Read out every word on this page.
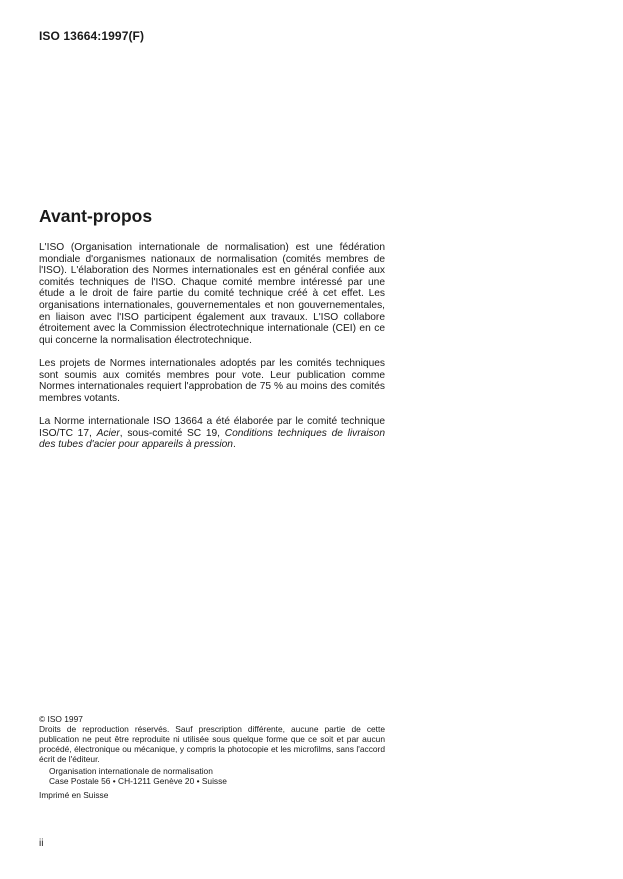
ISO 13664:1997(F)
Avant-propos

L'ISO (Organisation internationale de normalisation) est une fédération mondiale d'organismes nationaux de normalisation (comités membres de l'ISO). L'élaboration des Normes internationales est en général confiée aux comités techniques de l'ISO. Chaque comité membre intéressé par une étude a le droit de faire partie du comité technique créé à cet effet. Les organisations internationales, gouvernementales et non gouvernementales, en liaison avec l'ISO participent également aux travaux. L'ISO collabore étroitement avec la Commission électrotechnique internationale (CEI) en ce qui concerne la normalisation électrotechnique.

Les projets de Normes internationales adoptés par les comités techniques sont soumis aux comités membres pour vote. Leur publication comme Normes internationales requiert l'approbation de 75 % au moins des comités membres votants.

La Norme internationale ISO 13664 a été élaborée par le comité technique ISO/TC 17, Acier, sous-comité SC 19, Conditions techniques de livraison des tubes d'acier pour appareils à pression.

© ISO 1997
Droits de reproduction réservés. Sauf prescription différente, aucune partie de cette publication ne peut être reproduite ni utilisée sous quelque forme que ce soit et par aucun procédé, électronique ou mécanique, y compris la photocopie et les microfilms, sans l'accord écrit de l'éditeur.
Organisation internationale de normalisation
Case Postale 56 • CH-1211 Genève 20 • Suisse
Imprimé en Suisse
ii
